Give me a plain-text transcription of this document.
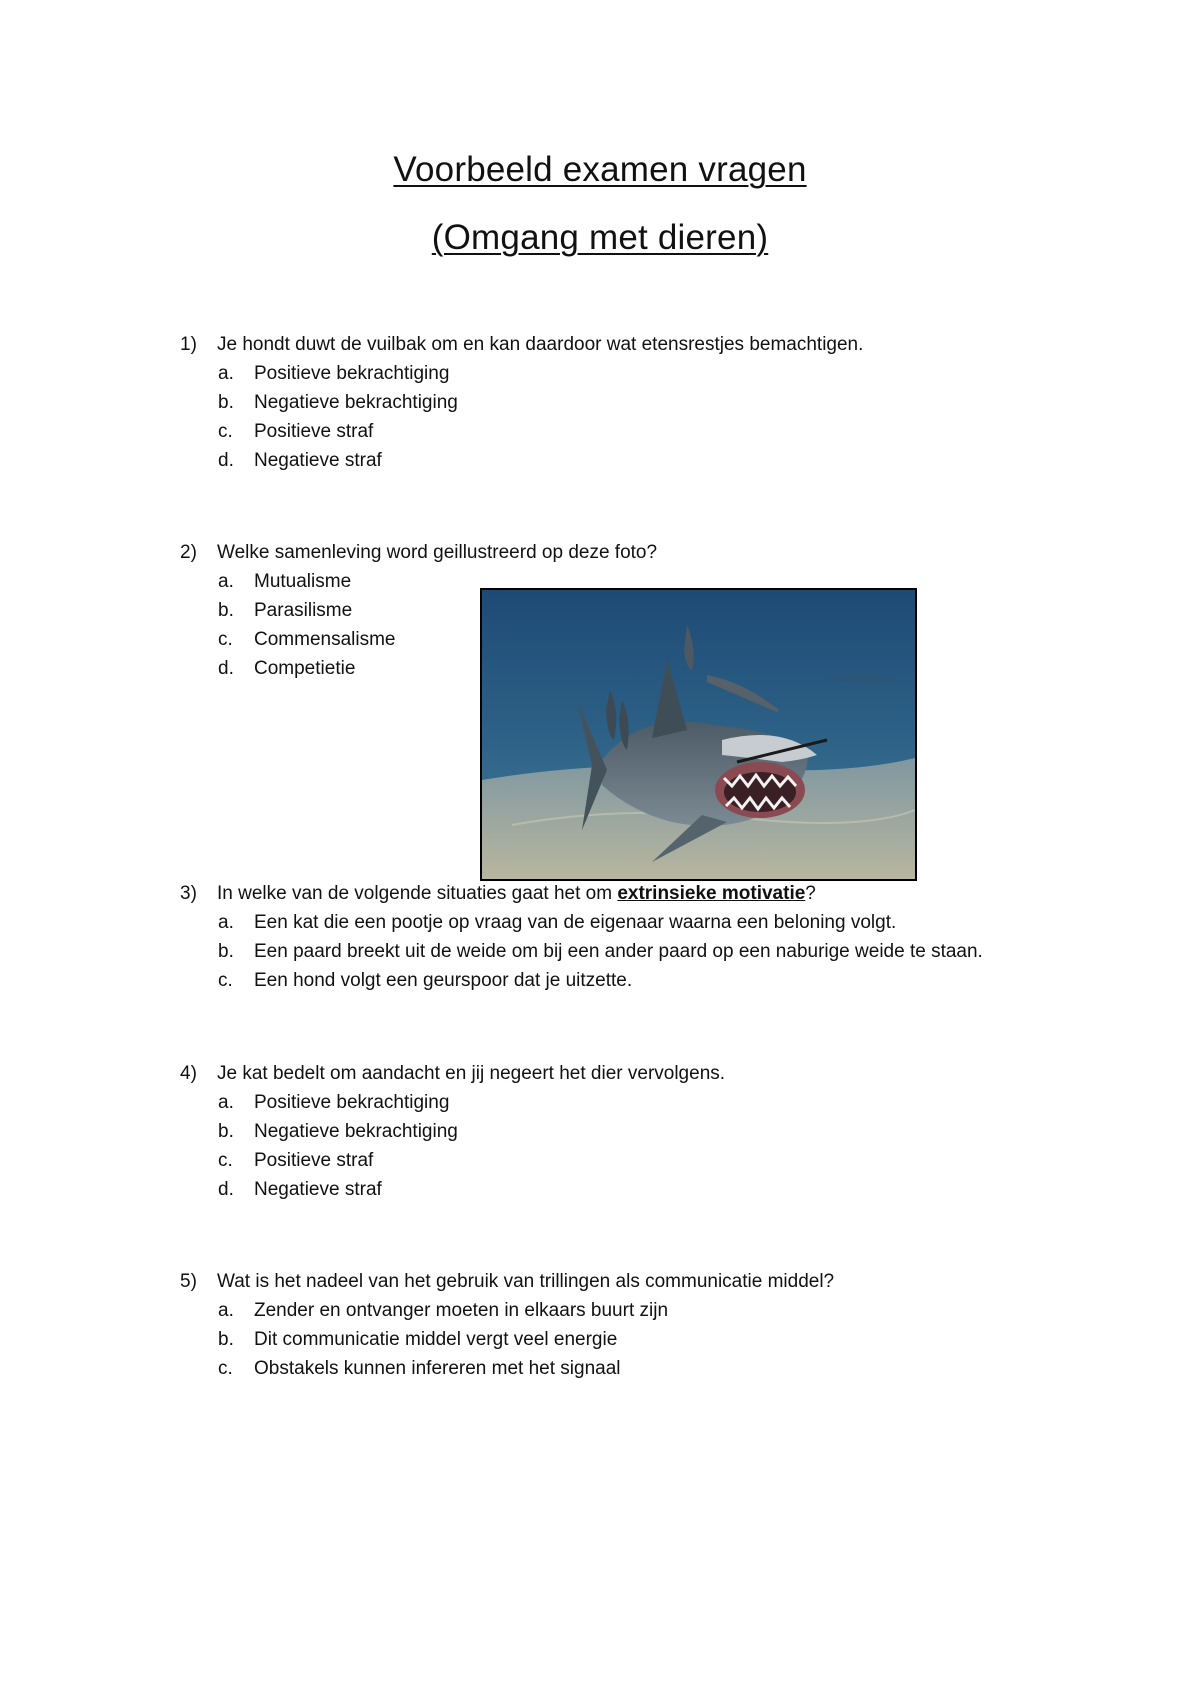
Voorbeeld examen vragen
(Omgang met dieren)
1) Je hondt duwt de vuilbak om en kan daardoor wat etensrestjes bemachtigen.
a. Positieve bekrachtiging
b. Negatieve bekrachtiging
c. Positieve straf
d. Negatieve straf
2) Welke samenleving word geillustreerd op deze foto?
a. Mutualisme
b. Parasilisme
c. Commensalisme
d. Competietie
3) In welke van de volgende situaties gaat het om extrinsieke motivatie?
a. Een kat die een pootje op vraag van de eigenaar waarna een beloning volgt.
b. Een paard breekt uit de weide om bij een ander paard op een naburige weide te staan.
c. Een hond volgt een geurspoor dat je uitzette.
4) Je kat bedelt om aandacht en jij negeert het dier vervolgens.
a. Positieve bekrachtiging
b. Negatieve bekrachtiging
c. Positieve straf
d. Negatieve straf
5) Wat is het nadeel van het gebruik van trillingen als communicatie middel?
a. Zender en ontvanger moeten in elkaars buurt zijn
b. Dit communicatie middel vergt veel energie
c. Obstakels kunnen infereren met het signaal
